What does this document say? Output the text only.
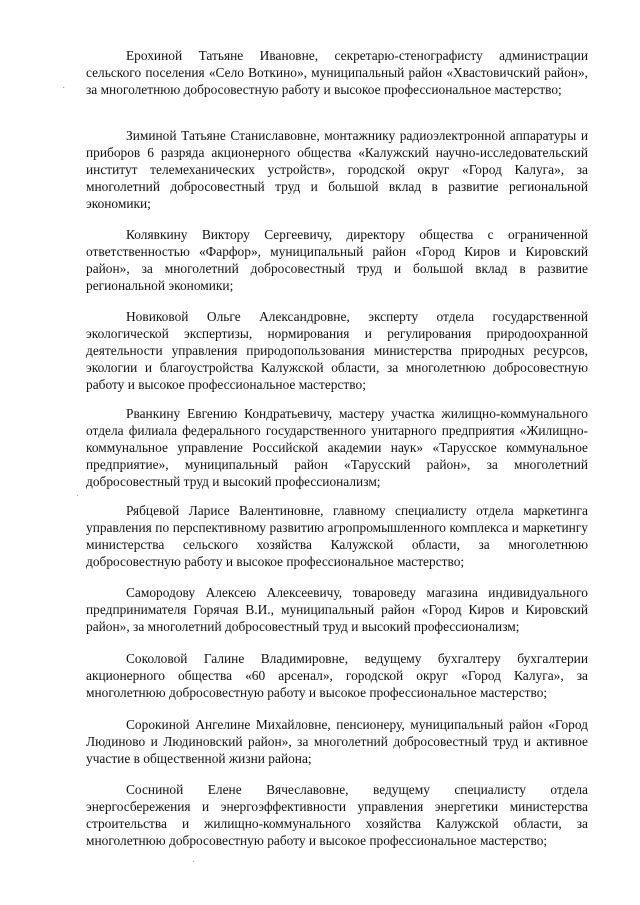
Ерохиной Татьяне Ивановне, секретарю-стенографисту администрации сельского поселения «Село Воткино», муниципальный район «Хвастовичский район», за многолетнюю добросовестную работу и высокое профессиональное мастерство;

Зиминой Татьяне Станиславовне, монтажнику радиоэлектронной аппаратуры и приборов 6 разряда акционерного общества «Калужский научно-исследовательский институт телемеханических устройств», городской округ «Город Калуга», за многолетний добросовестный труд и большой вклад в развитие региональной экономики;

Колявкину Виктору Сергеевичу, директору общества с ограниченной ответственностью «Фарфор», муниципальный район «Город Киров и Кировский район», за многолетний добросовестный труд и большой вклад в развитие региональной экономики;

Новиковой Ольге Александровне, эксперту отдела государственной экологической экспертизы, нормирования и регулирования природоохранной деятельности управления природопользования министерства природных ресурсов, экологии и благоустройства Калужской области, за многолетнюю добросовестную работу и высокое профессиональное мастерство;

Рванкину Евгению Кондратьевичу, мастеру участка жилищно-коммунального отдела филиала федерального государственного унитарного предприятия «Жилищно-коммунальное управление Российской академии наук» «Тарусское коммунальное предприятие», муниципальный район «Тарусский район», за многолетний добросовестный труд и высокий профессионализм;

Рябцевой Ларисе Валентиновне, главному специалисту отдела маркетинга управления по перспективному развитию агропромышленного комплекса и маркетингу министерства сельского хозяйства Калужской области, за многолетнюю добросовестную работу и высокое профессиональное мастерство;

Самородову Алексею Алексеевичу, товароведу магазина индивидуального предпринимателя Горячая В.И., муниципальный район «Город Киров и Кировский район», за многолетний добросовестный труд и высокий профессионализм;

Соколовой Галине Владимировне, ведущему бухгалтеру бухгалтерии акционерного общества «60 арсенал», городской округ «Город Калуга», за многолетнюю добросовестную работу и высокое профессиональное мастерство;

Сорокиной Ангелине Михайловне, пенсионеру, муниципальный район «Город Людиново и Людиновский район», за многолетний добросовестный труд и активное участие в общественной жизни района;

Сосниной Елене Вячеславовне, ведущему специалисту отдела энергосбережения и энергоэффективности управления энергетики министерства строительства и жилищно-коммунального хозяйства Калужской области, за многолетнюю добросовестную работу и высокое профессиональное мастерство;

·
·
·
